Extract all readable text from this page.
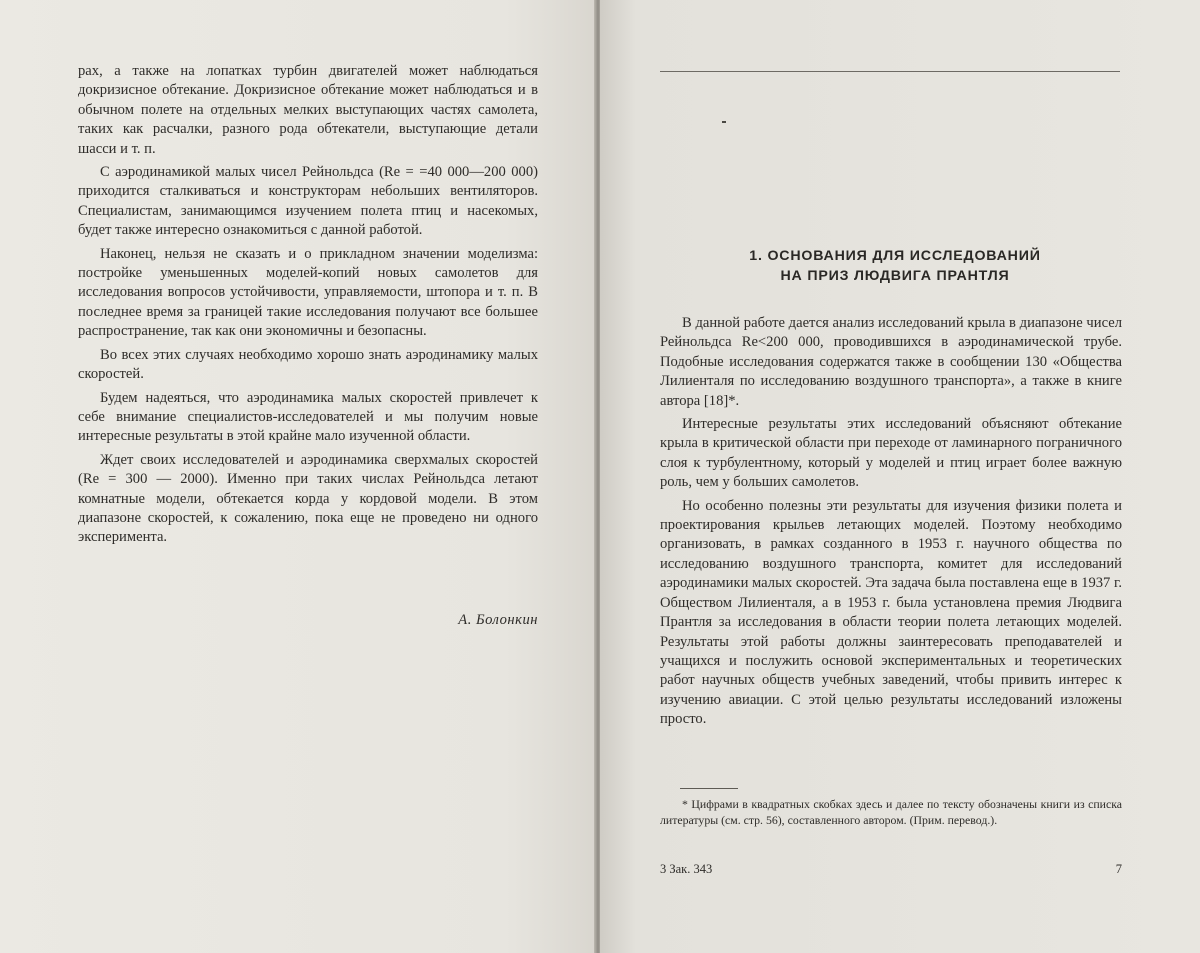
рах, а также на лопатках турбин двигателей может наблюдаться докризисное обтекание. Докризисное обтекание может наблюдаться и в обычном полете на отдельных мелких выступающих частях самолета, таких как расчалки, разного рода обтекатели, выступающие детали шасси и т. п.

С аэродинамикой малых чисел Рейнольдса (Re = =40 000—200 000) приходится сталкиваться и конструкторам небольших вентиляторов. Специалистам, занимающимся изучением полета птиц и насекомых, будет также интересно ознакомиться с данной работой.

Наконец, нельзя не сказать и о прикладном значении моделизма: постройке уменьшенных моделей-копий новых самолетов для исследования вопросов устойчивости, управляемости, штопора и т. п. В последнее время за границей такие исследования получают все большее распространение, так как они экономичны и безопасны.

Во всех этих случаях необходимо хорошо знать аэродинамику малых скоростей.

Будем надеяться, что аэродинамика малых скоростей привлечет к себе внимание специалистов-исследователей и мы получим новые интересные результаты в этой крайне мало изученной области.

Ждет своих исследователей и аэродинамика сверхмалых скоростей (Re = 300 — 2000). Именно при таких числах Рейнольдса летают комнатные модели, обтекается корда у кордовой модели. В этом диапазоне скоростей, к сожалению, пока еще не проведено ни одного эксперимента.

А. Болонкин
1. ОСНОВАНИЯ ДЛЯ ИССЛЕДОВАНИЙ
НА ПРИЗ ЛЮДВИГА ПРАНТЛЯ

В данной работе дается анализ исследований крыла в диапазоне чисел Рейнольдса Re<200 000, проводившихся в аэродинамической трубе. Подобные исследования содержатся также в сообщении 130 «Общества Лилиенталя по исследованию воздушного транспорта», а также в книге автора [18]*.

Интересные результаты этих исследований объясняют обтекание крыла в критической области при переходе от ламинарного пограничного слоя к турбулентному, который у моделей и птиц играет более важную роль, чем у больших самолетов.

Но особенно полезны эти результаты для изучения физики полета и проектирования крыльев летающих моделей. Поэтому необходимо организовать, в рамках созданного в 1953 г. научного общества по исследованию воздушного транспорта, комитет для исследований аэродинамики малых скоростей. Эта задача была поставлена еще в 1937 г. Обществом Лилиенталя, а в 1953 г. была установлена премия Людвига Прантля за исследования в области теории полета летающих моделей. Результаты этой работы должны заинтересовать преподавателей и учащихся и послужить основой экспериментальных и теоретических работ научных обществ учебных заведений, чтобы привить интерес к изучению авиации. С этой целью результаты исследований изложены просто.

* Цифрами в квадратных скобках здесь и далее по тексту обозначены книги из списка литературы (см. стр. 56), составленного автором. (Прим. перевод.).

3 Зак. 343	7
